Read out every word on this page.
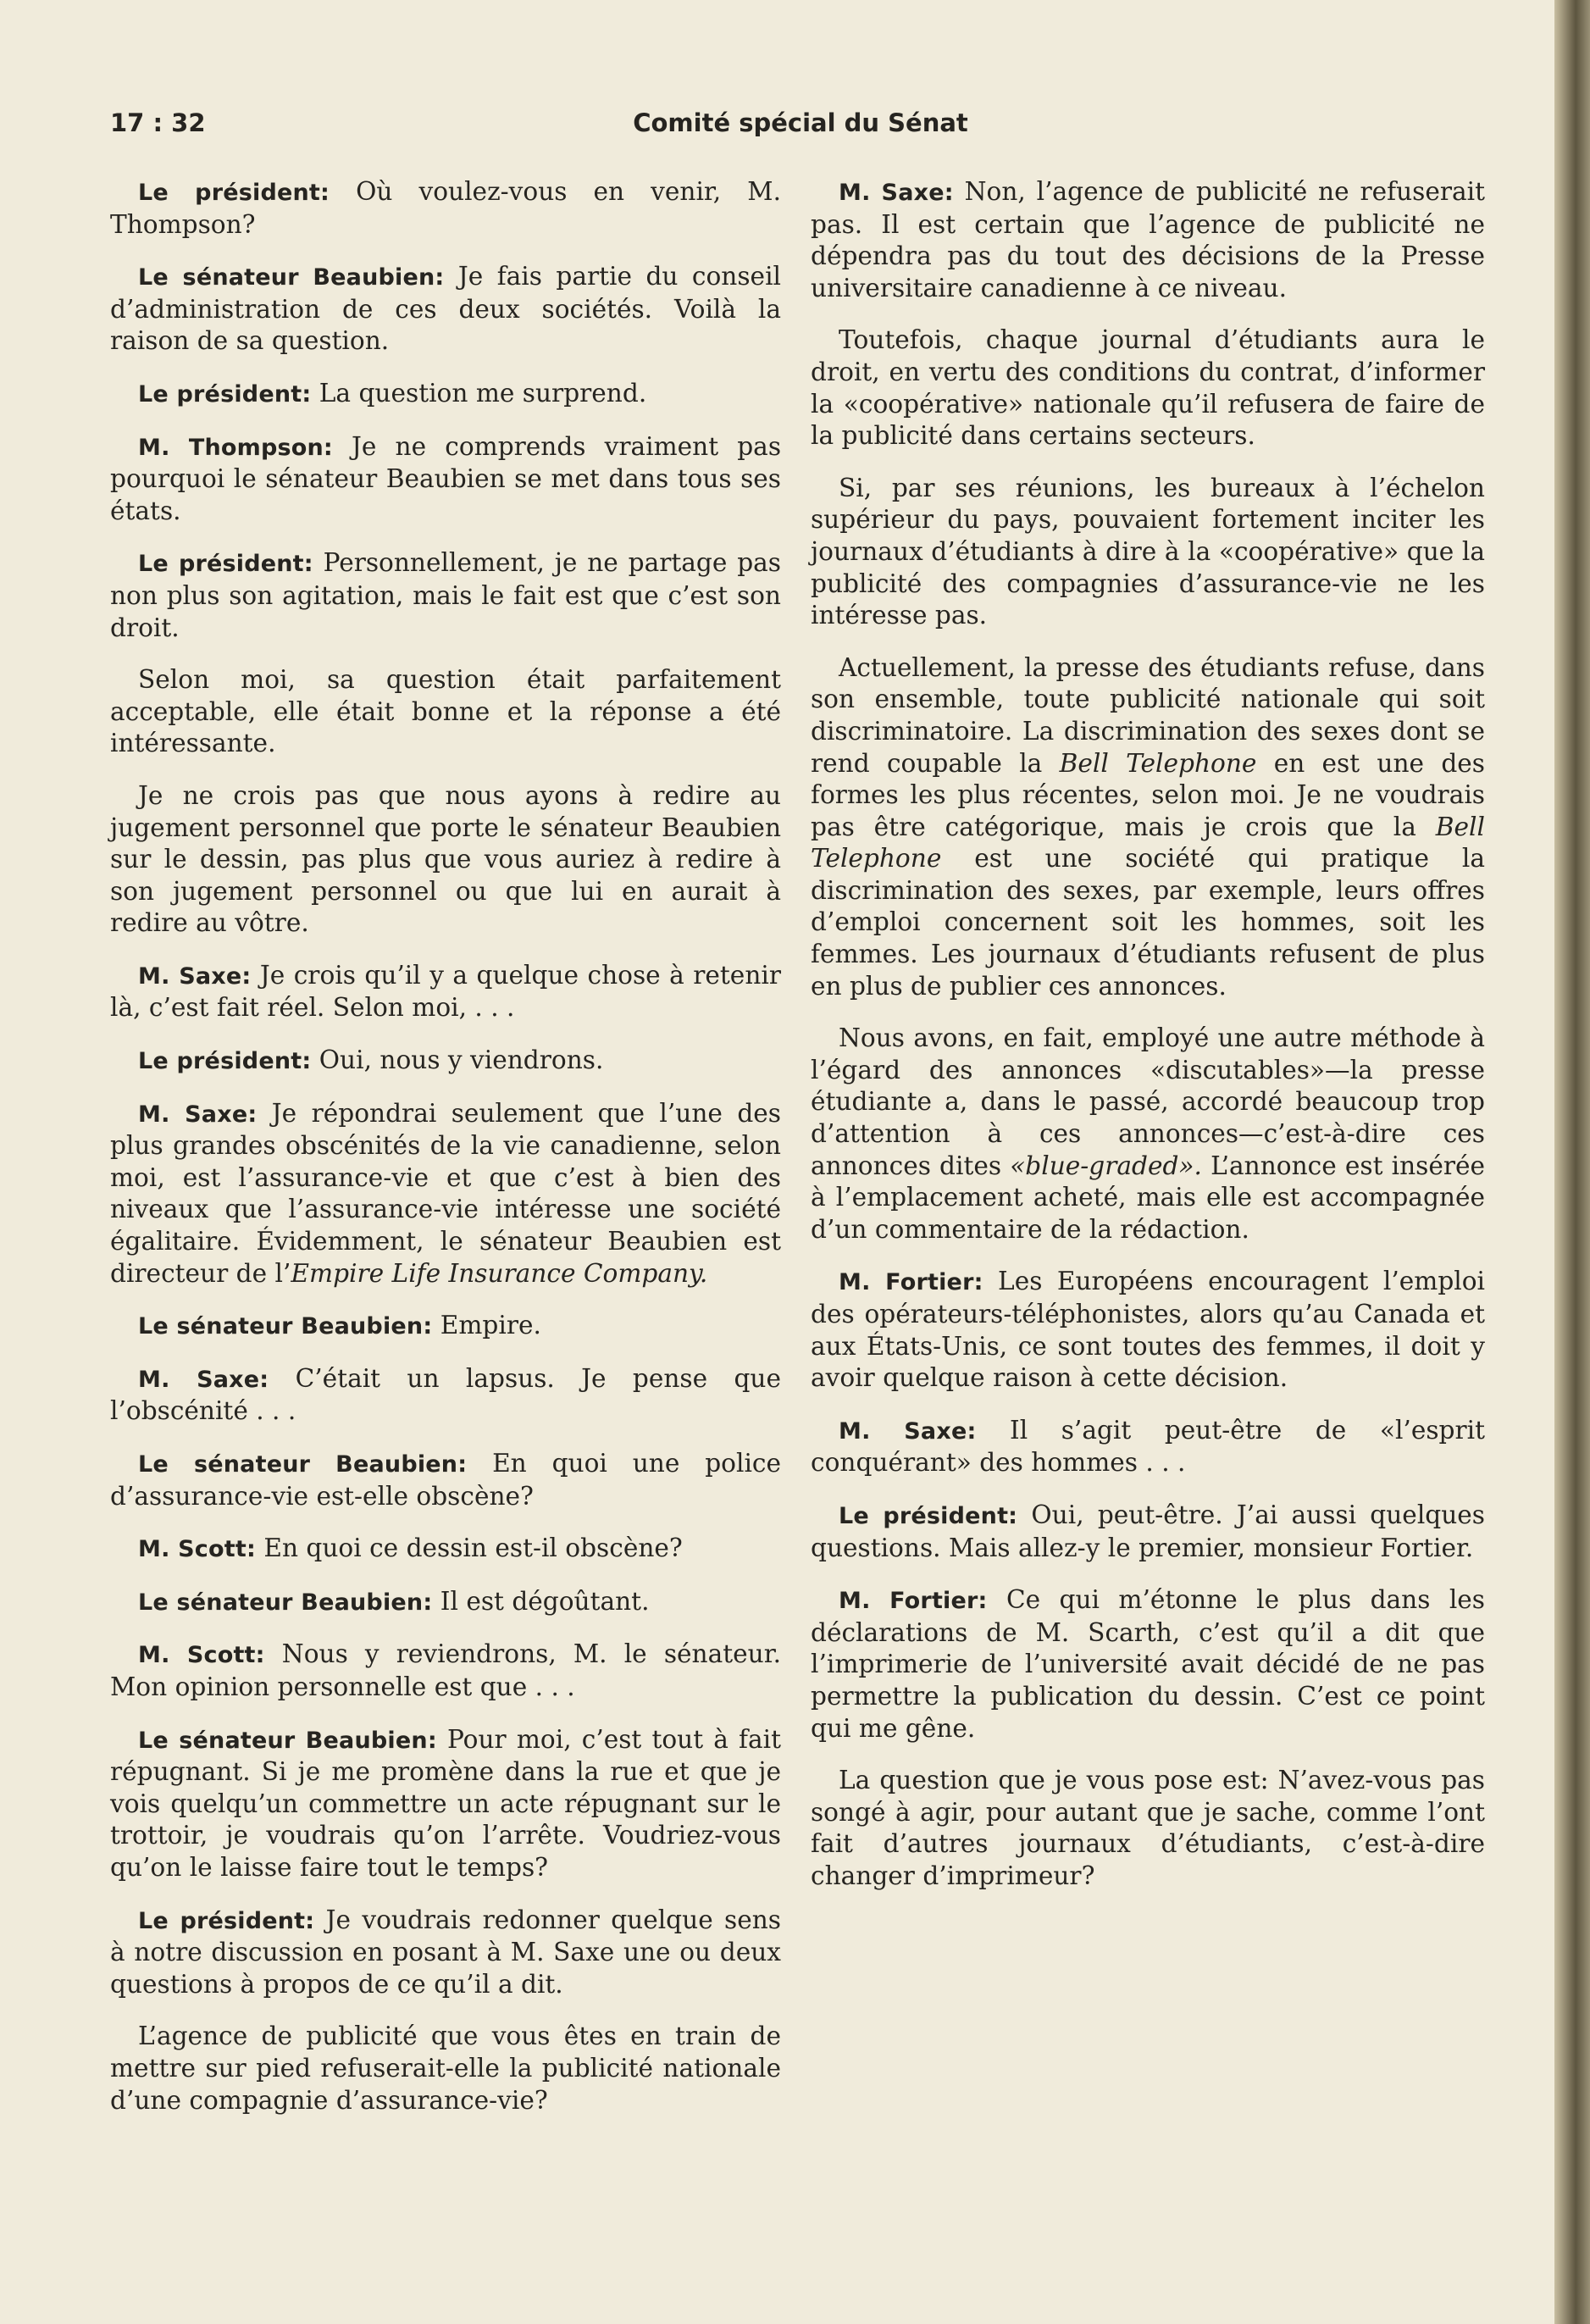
17 : 32	Comité spécial du Sénat

Le président: Où voulez-vous en venir, M. Thompson?

Le sénateur Beaubien: Je fais partie du conseil d’administration de ces deux sociétés. Voilà la raison de sa question.

Le président: La question me surprend.

M. Thompson: Je ne comprends vraiment pas pourquoi le sénateur Beaubien se met dans tous ses états.

Le président: Personnellement, je ne partage pas non plus son agitation, mais le fait est que c’est son droit.

Selon moi, sa question était parfaitement acceptable, elle était bonne et la réponse a été intéressante.

Je ne crois pas que nous ayons à redire au jugement personnel que porte le sénateur Beaubien sur le dessin, pas plus que vous auriez à redire à son jugement personnel ou que lui en aurait à redire au vôtre.

M. Saxe: Je crois qu’il y a quelque chose à retenir là, c’est fait réel. Selon moi, . . .

Le président: Oui, nous y viendrons.

M. Saxe: Je répondrai seulement que l’une des plus grandes obscénités de la vie canadienne, selon moi, est l’assurance-vie et que c’est à bien des niveaux que l’assurance-vie intéresse une société égalitaire. Évidemment, le sénateur Beaubien est directeur de l’Empire Life Insurance Company.

Le sénateur Beaubien: Empire.

M. Saxe: C’était un lapsus. Je pense que l’obscénité . . .

Le sénateur Beaubien: En quoi une police d’assurance-vie est-elle obscène?

M. Scott: En quoi ce dessin est-il obscène?

Le sénateur Beaubien: Il est dégoûtant.

M. Scott: Nous y reviendrons, M. le sénateur. Mon opinion personnelle est que . . .

Le sénateur Beaubien: Pour moi, c’est tout à fait répugnant. Si je me promène dans la rue et que je vois quelqu’un commettre un acte répugnant sur le trottoir, je voudrais qu’on l’arrête. Voudriez-vous qu’on le laisse faire tout le temps?

Le président: Je voudrais redonner quelque sens à notre discussion en posant à M. Saxe une ou deux questions à propos de ce qu’il a dit.

L’agence de publicité que vous êtes en train de mettre sur pied refuserait-elle la publicité nationale d’une compagnie d’assurance-vie?

M. Saxe: Non, l’agence de publicité ne refuserait pas. Il est certain que l’agence de publicité ne dépendra pas du tout des décisions de la Presse universitaire canadienne à ce niveau.

Toutefois, chaque journal d’étudiants aura le droit, en vertu des conditions du contrat, d’informer la «coopérative» nationale qu’il refusera de faire de la publicité dans certains secteurs.

Si, par ses réunions, les bureaux à l’échelon supérieur du pays, pouvaient fortement inciter les journaux d’étudiants à dire à la «coopérative» que la publicité des compagnies d’assurance-vie ne les intéresse pas.

Actuellement, la presse des étudiants refuse, dans son ensemble, toute publicité nationale qui soit discriminatoire. La discrimination des sexes dont se rend coupable la Bell Telephone en est une des formes les plus récentes, selon moi. Je ne voudrais pas être catégorique, mais je crois que la Bell Telephone est une société qui pratique la discrimination des sexes, par exemple, leurs offres d’emploi concernent soit les hommes, soit les femmes. Les journaux d’étudiants refusent de plus en plus de publier ces annonces.

Nous avons, en fait, employé une autre méthode à l’égard des annonces «discutables»—la presse étudiante a, dans le passé, accordé beaucoup trop d’attention à ces annonces—c’est-à-dire ces annonces dites «blue-graded». L’annonce est insérée à l’emplacement acheté, mais elle est accompagnée d’un commentaire de la rédaction.

M. Fortier: Les Européens encouragent l’emploi des opérateurs-téléphonistes, alors qu’au Canada et aux États-Unis, ce sont toutes des femmes, il doit y avoir quelque raison à cette décision.

M. Saxe: Il s’agit peut-être de «l’esprit conquérant» des hommes . . .

Le président: Oui, peut-être. J’ai aussi quelques questions. Mais allez-y le premier, monsieur Fortier.

M. Fortier: Ce qui m’étonne le plus dans les déclarations de M. Scarth, c’est qu’il a dit que l’imprimerie de l’université avait décidé de ne pas permettre la publication du dessin. C’est ce point qui me gêne.

La question que je vous pose est: N’avez-vous pas songé à agir, pour autant que je sache, comme l’ont fait d’autres journaux d’étudiants, c’est-à-dire changer d’imprimeur?
